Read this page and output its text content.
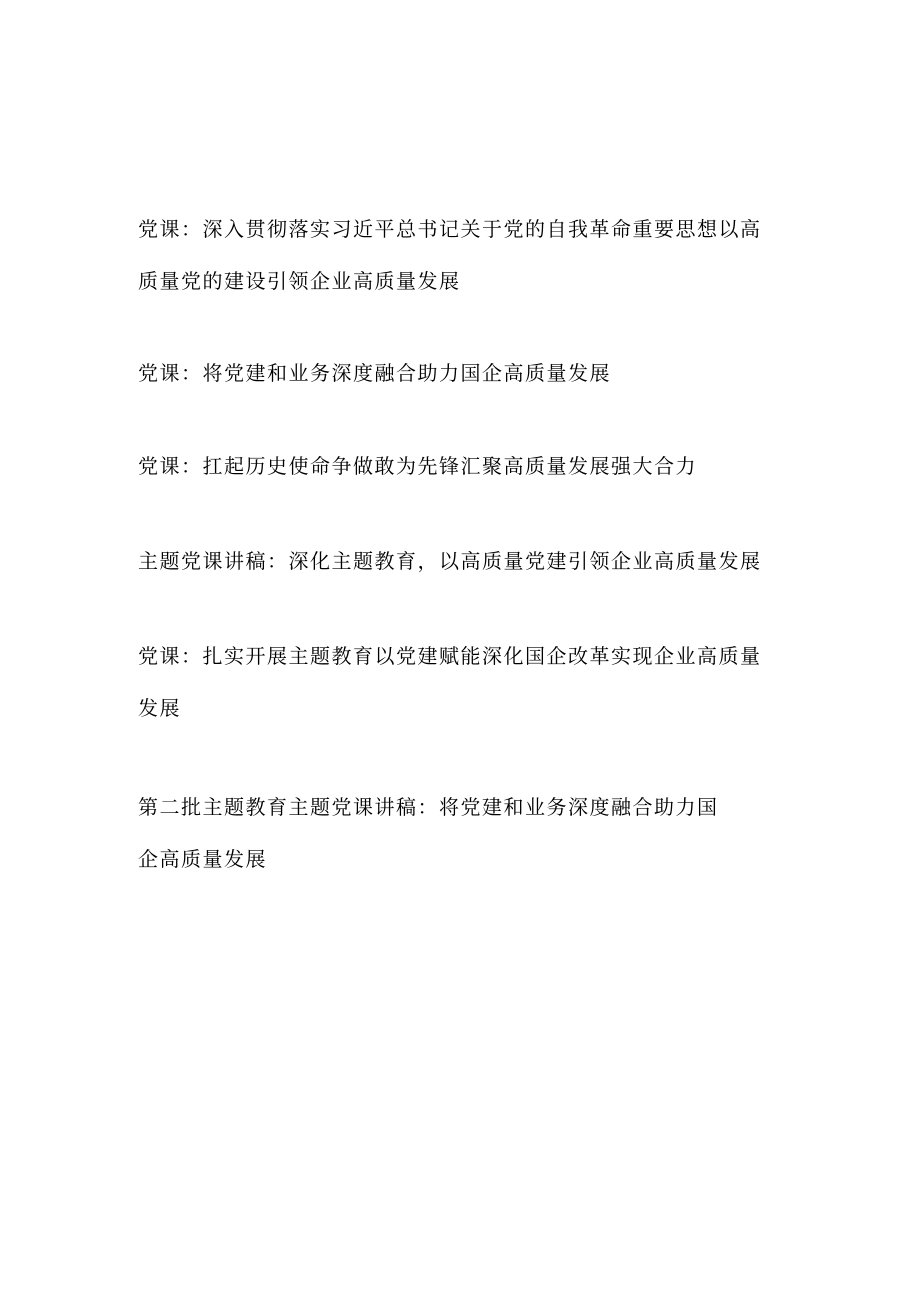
党课：深入贯彻落实习近平总书记关于党的自我革命重要思想以高质量党的建设引领企业高质量发展

党课：将党建和业务深度融合助力国企高质量发展

党课：扛起历史使命争做敢为先锋汇聚高质量发展强大合力

主题党课讲稿：深化主题教育，以高质量党建引领企业高质量发展

党课：扎实开展主题教育以党建赋能深化国企改革实现企业高质量发展

第二批主题教育主题党课讲稿：将党建和业务深度融合助力国企高质量发展
